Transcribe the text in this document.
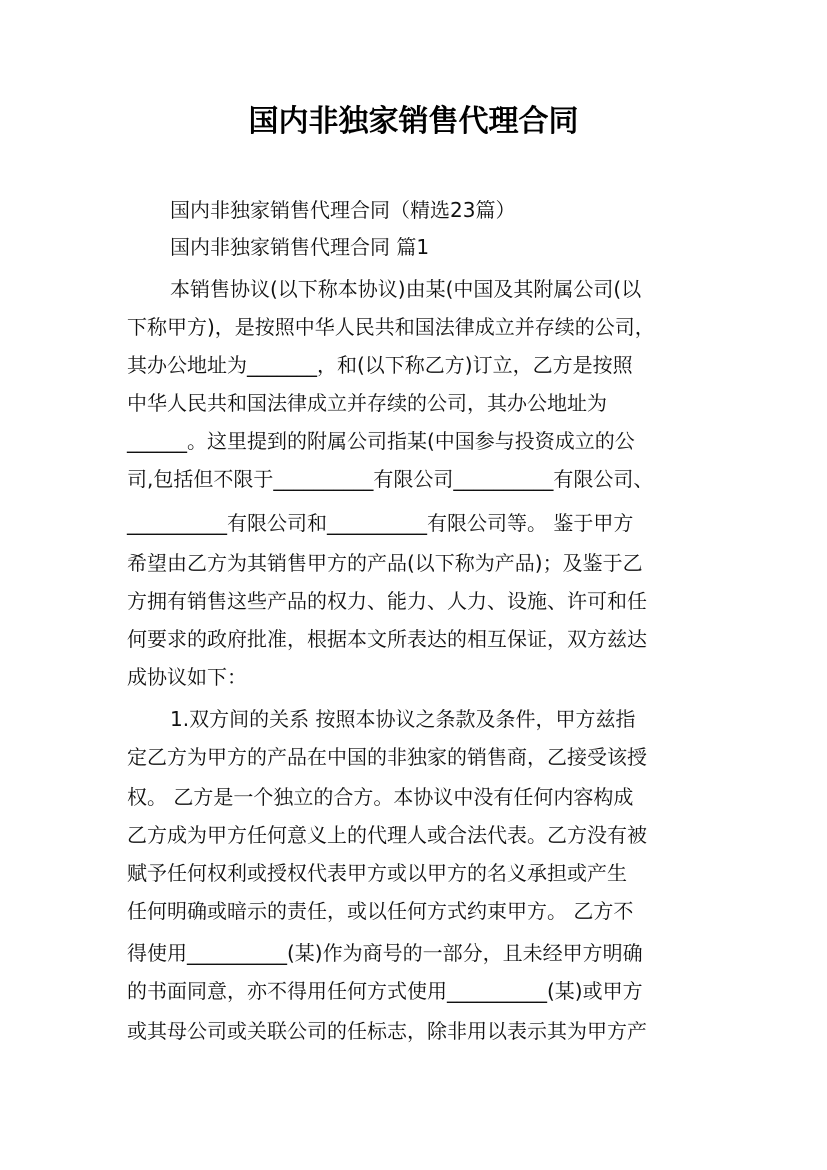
国内非独家销售代理合同
国内非独家销售代理合同（精选23篇）
国内非独家销售代理合同 篇1
本销售协议(以下称本协议)由某(中国及其附属公司(以
下称甲方)，是按照中华人民共和国法律成立并存续的公司，
其办公地址为_______，和(以下称乙方)订立，乙方是按照
中华人民共和国法律成立并存续的公司，其办公地址为
______。这里提到的附属公司指某(中国参与投资成立的公
司,包括但不限于__________有限公司__________有限公司、
__________有限公司和__________有限公司等。 鉴于甲方
希望由乙方为其销售甲方的产品(以下称为产品)；及鉴于乙
方拥有销售这些产品的权力、能力、人力、设施、许可和任
何要求的政府批准，根据本文所表达的相互保证，双方兹达
成协议如下：
1.双方间的关系 按照本协议之条款及条件，甲方兹指
定乙方为甲方的产品在中国的非独家的销售商，乙接受该授
权。 乙方是一个独立的合方。本协议中没有任何内容构成
乙方成为甲方任何意义上的代理人或合法代表。乙方没有被
赋予任何权利或授权代表甲方或以甲方的名义承担或产生
任何明确或暗示的责任，或以任何方式约束甲方。 乙方不
得使用__________(某)作为商号的一部分，且未经甲方明确
的书面同意，亦不得用任何方式使用__________(某)或甲方
或其母公司或关联公司的任标志，除非用以表示其为甲方产
